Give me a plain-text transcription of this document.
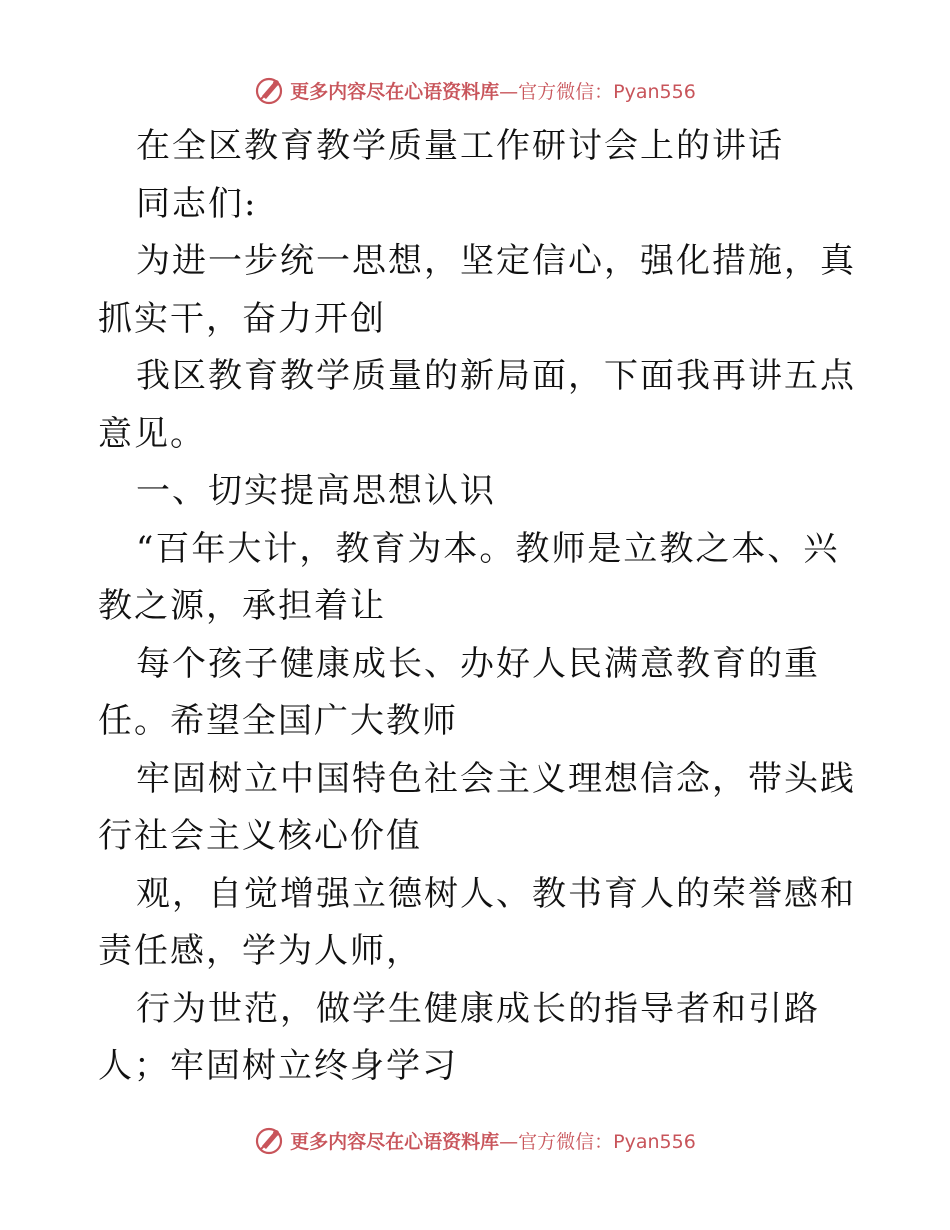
更多内容尽在心语资料库—官方微信：Pyan556

在全区教育教学质量工作研讨会上的讲话

同志们:

为进一步统一思想，坚定信心，强化措施，真抓实干，奋力开创

我区教育教学质量的新局面，下面我再讲五点意见。

一、切实提高思想认识

“百年大计，教育为本。教师是立教之本、兴教之源，承担着让

每个孩子健康成长、办好人民满意教育的重任。希望全国广大教师

牢固树立中国特色社会主义理想信念，带头践行社会主义核心价值

观，自觉增强立德树人、教书育人的荣誉感和责任感，学为人师，

行为世范，做学生健康成长的指导者和引路人；牢固树立终身学习

更多内容尽在心语资料库—官方微信：Pyan556
